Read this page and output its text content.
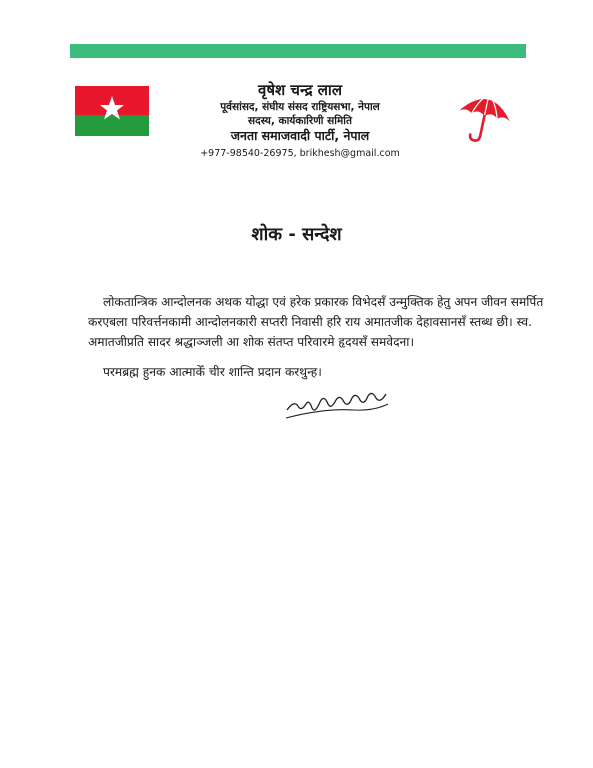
वृषेश चन्द्र लाल
पूर्वसांसद, संघीय संसद राष्ट्रियसभा, नेपाल
सदस्य, कार्यकारिणी समिति
जनता समाजवादी पार्टी, नेपाल
+977-98540-26975, brikhesh@gmail.com
शोक - सन्देश

लोकतान्त्रिक आन्दोलनक अथक योद्धा एवं हरेक प्रकारक विभेदसँ उन्मुक्तिक हेतु अपन जीवन समर्पित करएबला परिवर्त्तनकामी आन्दोलनकारी सप्तरी निवासी हरि राय अमातजीक देहावसानसँ स्तब्ध छी। स्व. अमातजीप्रति सादर श्रद्धाञ्जली आ शोक संतप्त परिवारमे हृदयसँ समवेदना।

परमब्रह्म हुनक आत्माकेँ चीर शान्ति प्रदान करथुन्ह।
